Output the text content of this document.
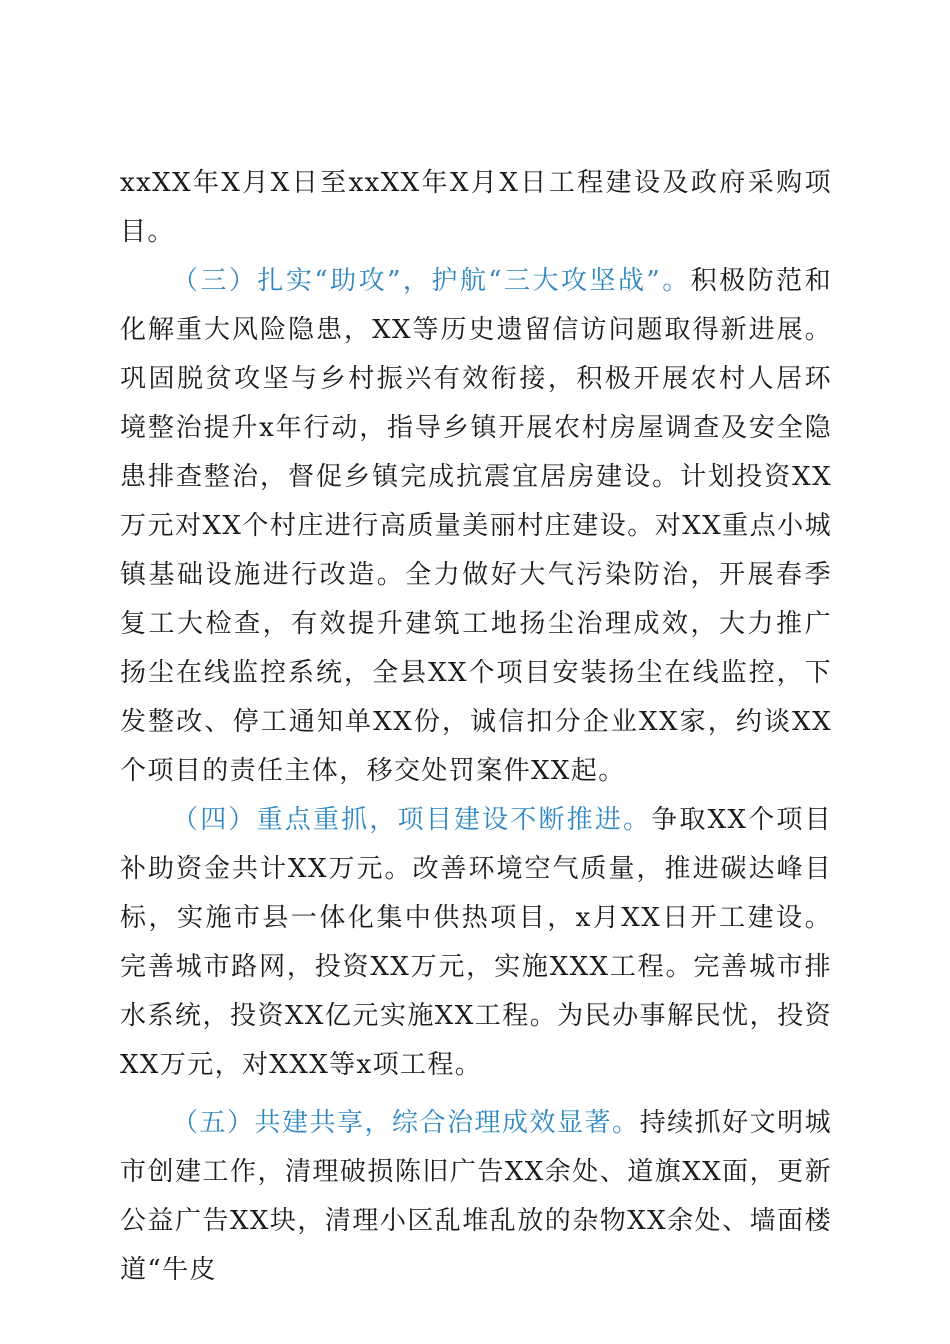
xxXX年X月X日至xxXX年X月X日工程建设及政府采购项目。

（三）扎实“助攻”，护航“三大攻坚战”。积极防范和化解重大风险隐患，XX等历史遗留信访问题取得新进展。巩固脱贫攻坚与乡村振兴有效衔接，积极开展农村人居环境整治提升x年行动，指导乡镇开展农村房屋调查及安全隐患排查整治，督促乡镇完成抗震宜居房建设。计划投资XX万元对XX个村庄进行高质量美丽村庄建设。对XX重点小城镇基础设施进行改造。全力做好大气污染防治，开展春季复工大检查，有效提升建筑工地扬尘治理成效，大力推广扬尘在线监控系统，全县XX个项目安装扬尘在线监控，下发整改、停工通知单XX份，诚信扣分企业XX家，约谈XX个项目的责任主体，移交处罚案件XX起。

（四）重点重抓，项目建设不断推进。争取XX个项目补助资金共计XX万元。改善环境空气质量，推进碳达峰目标，实施市县一体化集中供热项目，x月XX日开工建设。完善城市路网，投资XX万元，实施XXX工程。完善城市排水系统，投资XX亿元实施XX工程。为民办事解民忧，投资XX万元，对XXX等x项工程。

（五）共建共享，综合治理成效显著。持续抓好文明城市创建工作，清理破损陈旧广告XX余处、道旗XX面，更新公益广告XX块，清理小区乱堆乱放的杂物XX余处、墙面楼道“牛皮
